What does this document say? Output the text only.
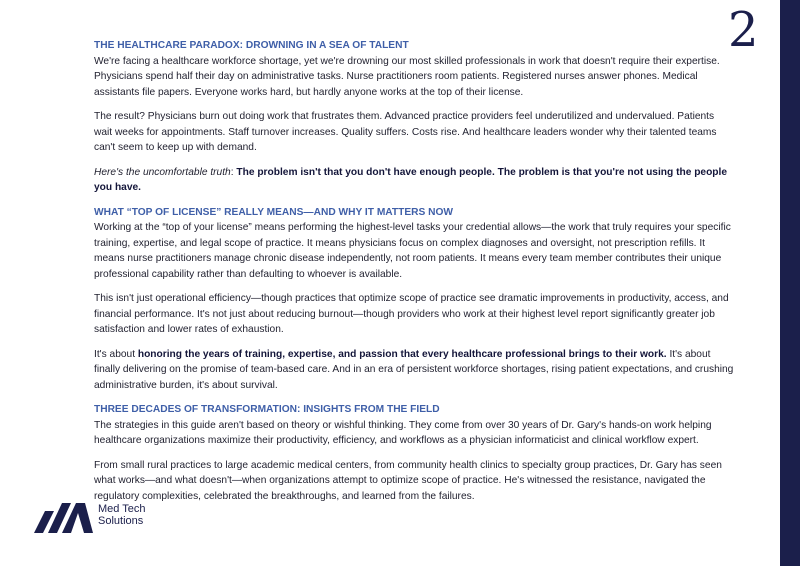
2
THE HEALTHCARE PARADOX: DROWNING IN A SEA OF TALENT

We're facing a healthcare workforce shortage, yet we're drowning our most skilled professionals in work that doesn't require their expertise. Physicians spend half their day on administrative tasks. Nurse practitioners room patients. Registered nurses answer phones. Medical assistants file papers. Everyone works hard, but hardly anyone works at the top of their license.

The result? Physicians burn out doing work that frustrates them. Advanced practice providers feel underutilized and undervalued. Patients wait weeks for appointments. Staff turnover increases. Quality suffers. Costs rise. And healthcare leaders wonder why their talented teams can't seem to keep up with demand.

Here's the uncomfortable truth: The problem isn't that you don't have enough people. The problem is that you're not using the people you have.

WHAT “TOP OF LICENSE” REALLY MEANS—AND WHY IT MATTERS NOW

Working at the “top of your license” means performing the highest-level tasks your credential allows—the work that truly requires your specific training, expertise, and legal scope of practice. It means physicians focus on complex diagnoses and oversight, not prescription refills. It means nurse practitioners manage chronic disease independently, not room patients. It means every team member contributes their unique professional capability rather than defaulting to whoever is available.

This isn't just operational efficiency—though practices that optimize scope of practice see dramatic improvements in productivity, access, and financial performance. It's not just about reducing burnout—though providers who work at their highest level report significantly greater job satisfaction and lower rates of exhaustion.

It's about honoring the years of training, expertise, and passion that every healthcare professional brings to their work. It's about finally delivering on the promise of team-based care. And in an era of persistent workforce shortages, rising patient expectations, and crushing administrative burden, it's about survival.

THREE DECADES OF TRANSFORMATION: INSIGHTS FROM THE FIELD

The strategies in this guide aren't based on theory or wishful thinking. They come from over 30 years of Dr. Gary's hands-on work helping healthcare organizations maximize their productivity, efficiency, and workflows as a physician informaticist and clinical workflow expert.

From small rural practices to large academic medical centers, from community health clinics to specialty group practices, Dr. Gary has seen what works—and what doesn't—when organizations attempt to optimize scope of practice. He's witnessed the resistance, navigated the regulatory complexities, celebrated the breakthroughs, and learned from the failures.

Med Tech
Solutions
